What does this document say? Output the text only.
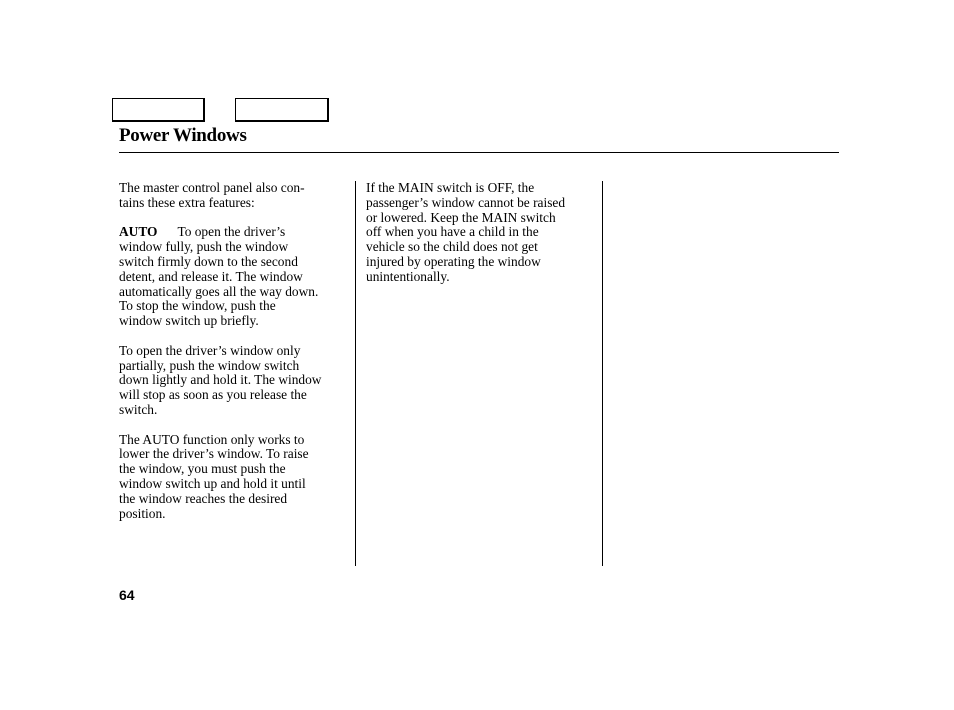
Power Windows

The master control panel also con-
tains these extra features:

AUTO To open the driver’s
window fully, push the window
switch firmly down to the second
detent, and release it. The window
automatically goes all the way down.
To stop the window, push the
window switch up briefly.

To open the driver’s window only
partially, push the window switch
down lightly and hold it. The window
will stop as soon as you release the
switch.

The AUTO function only works to
lower the driver’s window. To raise
the window, you must push the
window switch up and hold it until
the window reaches the desired
position.

If the MAIN switch is OFF, the
passenger’s window cannot be raised
or lowered. Keep the MAIN switch
off when you have a child in the
vehicle so the child does not get
injured by operating the window
unintentionally.

64
